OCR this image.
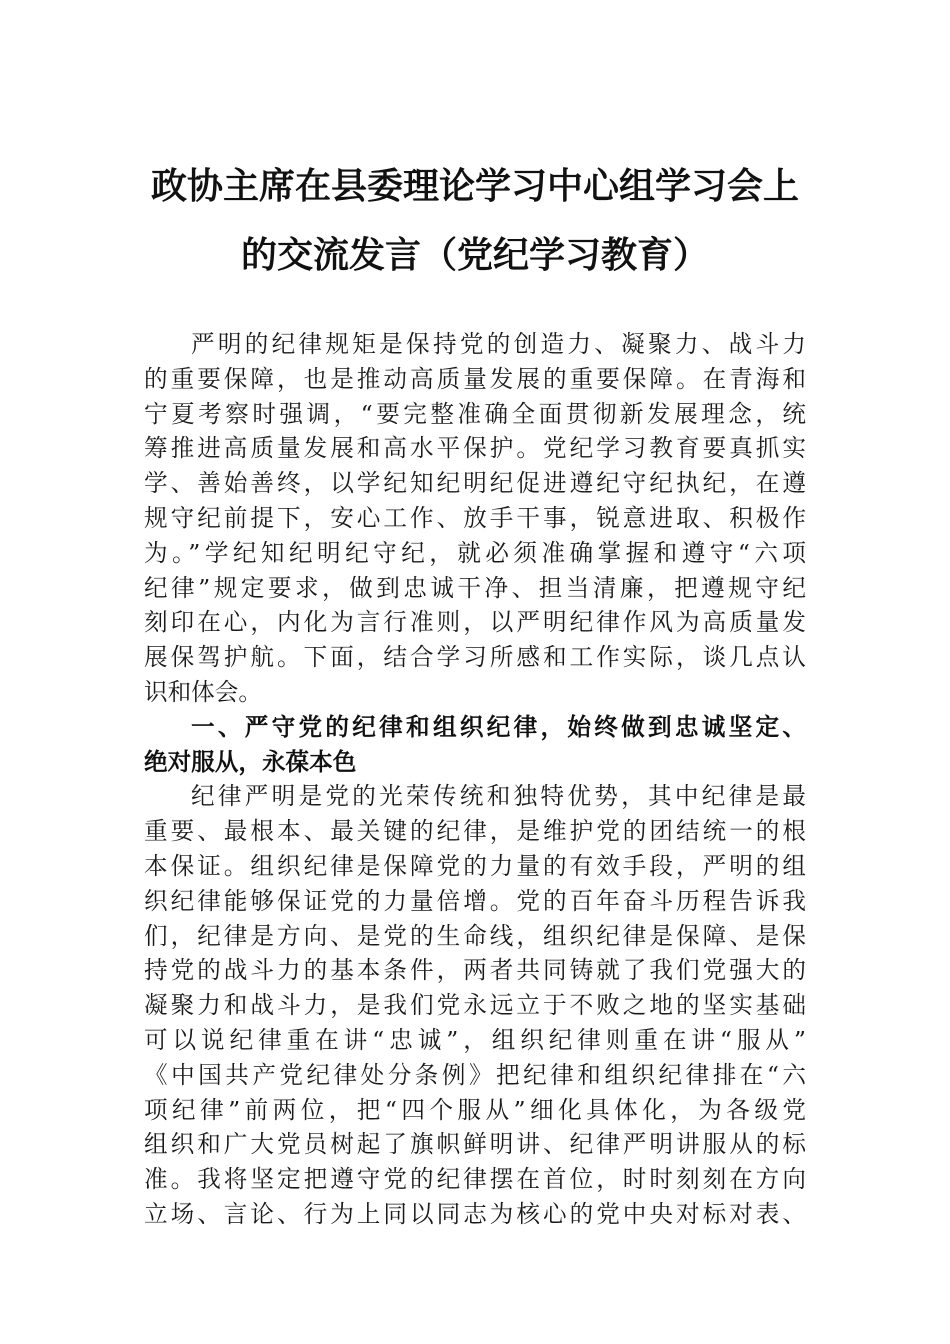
政协主席在县委理论学习中心组学习会上
的交流发言（党纪学习教育）
严明的纪律规矩是保持党的创造力、凝聚力、战斗力
的重要保障，也是推动高质量发展的重要保障。在青海和
宁夏考察时强调，“要完整准确全面贯彻新发展理念，统
筹推进高质量发展和高水平保护。党纪学习教育要真抓实
学、善始善终，以学纪知纪明纪促进遵纪守纪执纪，在遵
规守纪前提下，安心工作、放手干事，锐意进取、积极作
为。”学纪知纪明纪守纪，就必须准确掌握和遵守“六项
纪律”规定要求，做到忠诚干净、担当清廉，把遵规守纪
刻印在心，内化为言行准则，以严明纪律作风为高质量发
展保驾护航。下面，结合学习所感和工作实际，谈几点认
识和体会。
一、严守党的纪律和组织纪律，始终做到忠诚坚定、
绝对服从，永葆本色
纪律严明是党的光荣传统和独特优势，其中纪律是最
重要、最根本、最关键的纪律，是维护党的团结统一的根
本保证。组织纪律是保障党的力量的有效手段，严明的组
织纪律能够保证党的力量倍增。党的百年奋斗历程告诉我
们，纪律是方向、是党的生命线，组织纪律是保障、是保
持党的战斗力的基本条件，两者共同铸就了我们党强大的
凝聚力和战斗力，是我们党永远立于不败之地的坚实基础
可以说纪律重在讲“忠诚”，组织纪律则重在讲“服从”
《中国共产党纪律处分条例》把纪律和组织纪律排在“六
项纪律”前两位，把“四个服从”细化具体化，为各级党
组织和广大党员树起了旗帜鲜明讲、纪律严明讲服从的标
准。我将坚定把遵守党的纪律摆在首位，时时刻刻在方向
立场、言论、行为上同以同志为核心的党中央对标对表、
